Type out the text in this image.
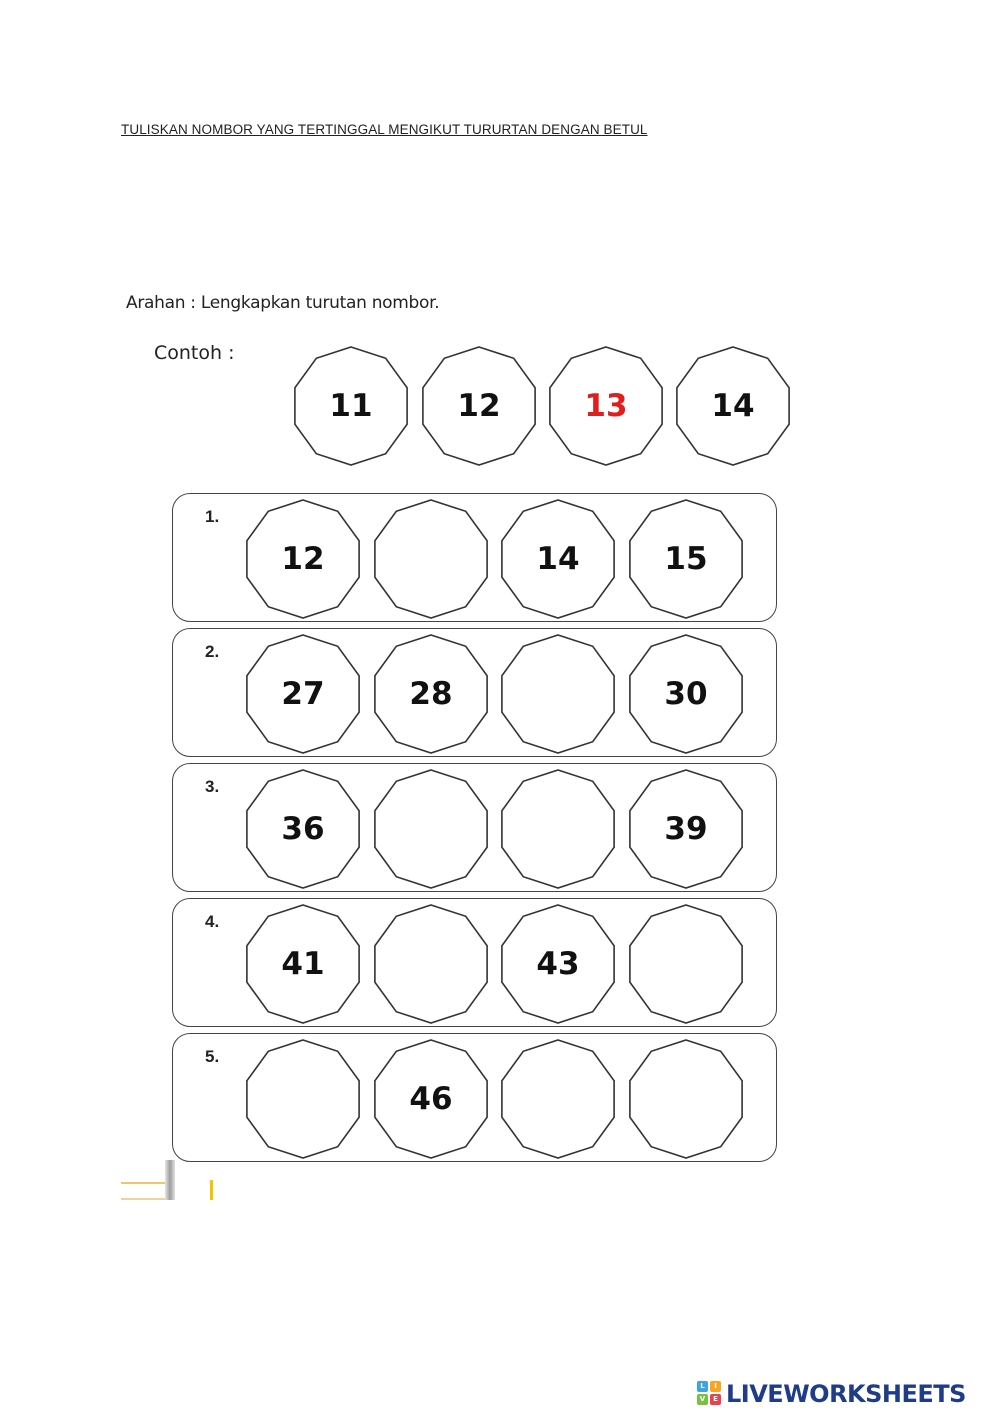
TULISKAN NOMBOR YANG TERTINGGAL MENGIKUT TURURTAN DENGAN BETUL
Arahan : Lengkapkan turutan nombor.
Contoh :
11	12	13	14
1.
12	14	15
2.
27	28	30
3.
36	39
4.
41	43
5.
46
L	I
V	E LIVEWORKSHEETS
